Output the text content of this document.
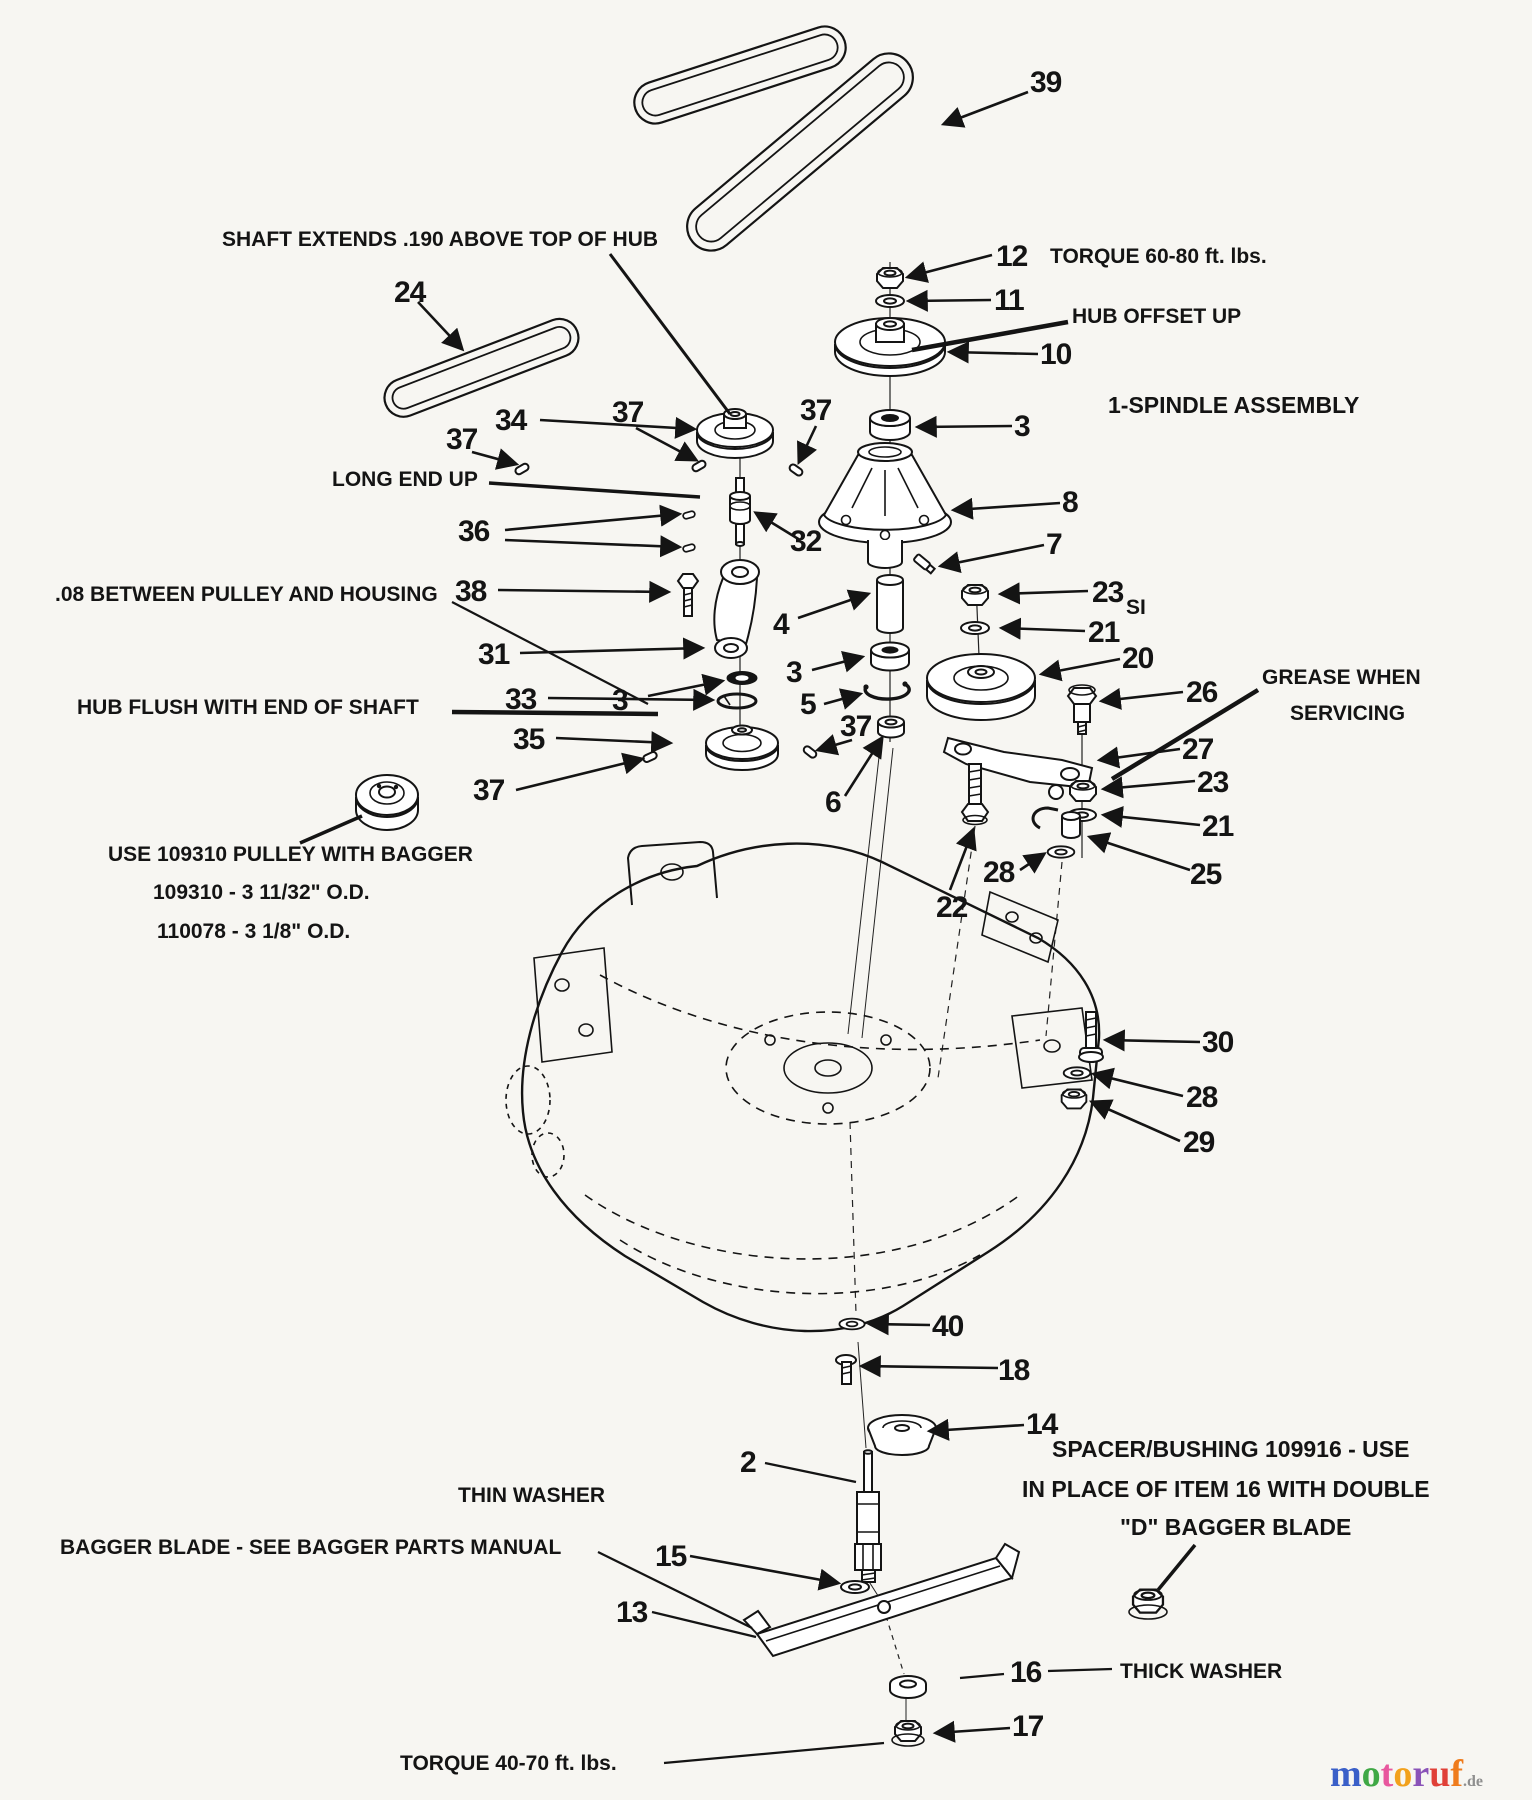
39
SHAFT EXTENDS .190 ABOVE TOP OF HUB
24
12 TORQUE 60-80 ft. lbs.
11 HUB OFFSET UP
10
3
1-SPINDLE ASSEMBLY
34	37	37
37
LONG END UP
36	32
8
7
.08 BETWEEN PULLEY AND HOUSING 38
4
23 SI
21
31
3
33	3
HUB FLUSH WITH END OF SHAFT	5
20
26 GREASE WHEN
SERVICING
35	37
27
6
37	23
21
25
28
22
USE 109310 PULLEY WITH BAGGER
109310 - 3 11/32" O.D.
110078 - 3 1/8" O.D.
30
28
29
40
18
14
2
THIN WASHER
15
BAGGER BLADE - SEE BAGGER PARTS MANUAL
13
SPACER/BUSHING 109916 - USE
IN PLACE OF ITEM 16 WITH DOUBLE
"D" BAGGER BLADE
16	THICK WASHER
17
TORQUE 40-70 ft. lbs.	motoruf.de
